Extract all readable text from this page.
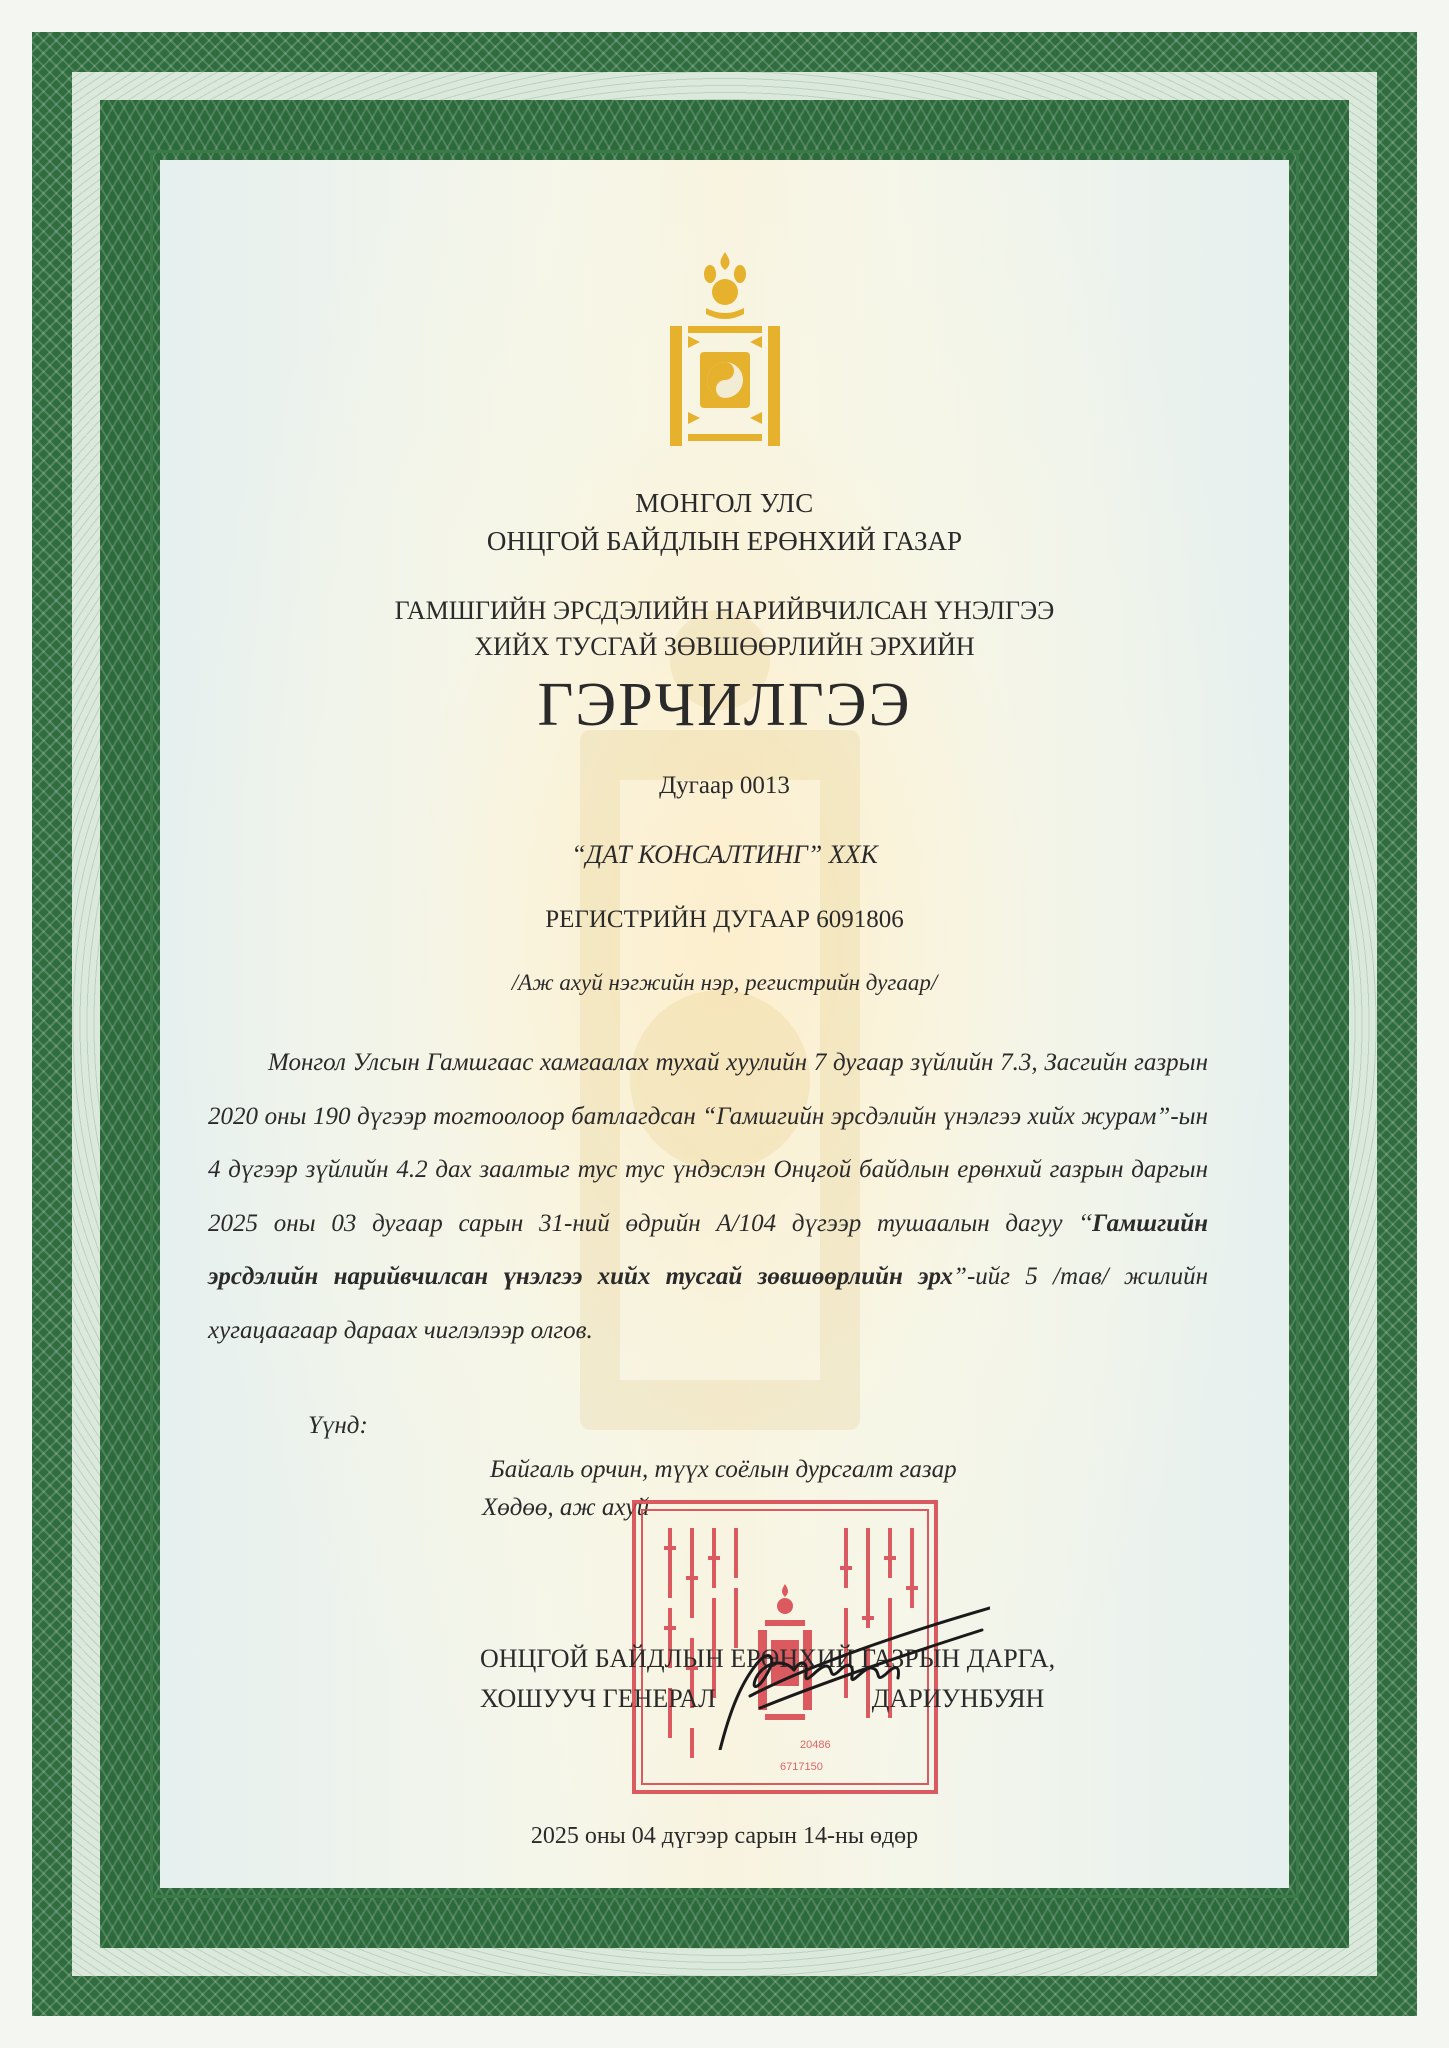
МОНГОЛ УЛС
ОНЦГОЙ БАЙДЛЫН ЕРӨНХИЙ ГАЗАР
ГАМШГИЙН ЭРСДЭЛИЙН НАРИЙВЧИЛСАН ҮНЭЛГЭЭ
ХИЙХ ТУСГАЙ ЗӨВШӨӨРЛИЙН ЭРХИЙН
ГЭРЧИЛГЭЭ
Дугаар 0013
“ДАТ КОНСАЛТИНГ” ХХК
РЕГИСТРИЙН ДУГААР 6091806
/Аж ахуй нэгжийн нэр, регистрийн дугаар/
Монгол Улсын Гамшгаас хамгаалах тухай хуулийн 7 дугаар зүйлийн 7.3, Засгийн газрын 2020 оны 190 дүгээр тогтоолоор батлагдсан “Гамшгийн эрсдэлийн үнэлгээ хийх журам”-ын 4 дүгээр зүйлийн 4.2 дах заалтыг тус тус үндэслэн Онцгой байдлын ерөнхий газрын даргын 2025 оны 03 дугаар сарын 31-ний өдрийн А/104 дүгээр тушаалын дагуу ‘‘Гамшгийн эрсдэлийн нарийвчилсан үнэлгээ хийх тусгай зөвшөөрлийн эрх”-ийг 5 /тав/ жилийн хугацаагаар дараах чиглэлээр олгов.
Үүнд:
Байгаль орчин, түүх соёлын дурсгалт газар
Хөдөө, аж ахуй
20486
6717150
ОНЦГОЙ БАЙДЛЫН ЕРӨНХИЙ ГАЗРЫН ДАРГА,
ХОШУУЧ ГЕНЕРАЛ                        ДАРИУНБУЯН
2025 оны 04 дүгээр сарын 14-ны өдөр
